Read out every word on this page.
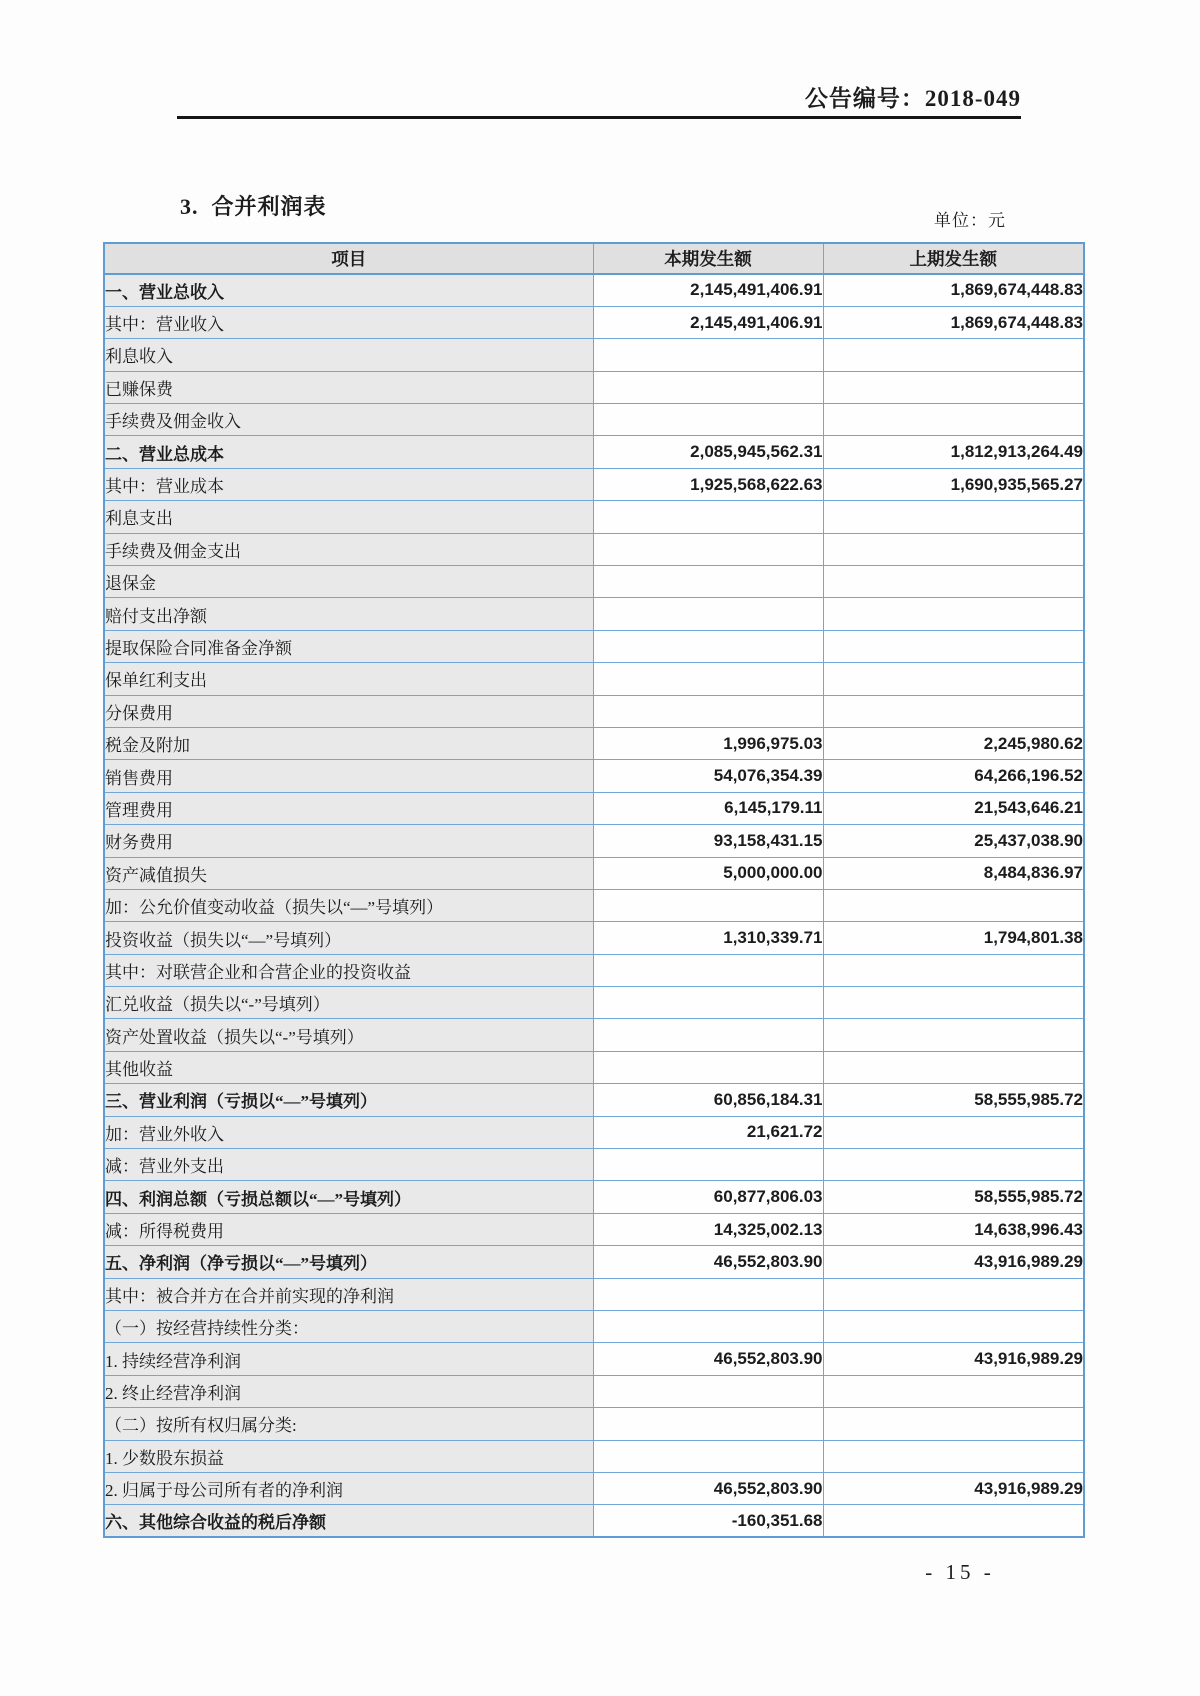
公告编号：2018-049
3.  合并利润表
单位：元
项目	本期发生额	上期发生额
一、营业总收入	2,145,491,406.91	1,869,674,448.83
其中：营业收入	2,145,491,406.91	1,869,674,448.83
利息收入		
已赚保费		
手续费及佣金收入		
二、营业总成本	2,085,945,562.31	1,812,913,264.49
其中：营业成本	1,925,568,622.63	1,690,935,565.27
利息支出		
手续费及佣金支出		
退保金		
赔付支出净额		
提取保险合同准备金净额		
保单红利支出		
分保费用		
税金及附加	1,996,975.03	2,245,980.62
销售费用	54,076,354.39	64,266,196.52
管理费用	6,145,179.11	21,543,646.21
财务费用	93,158,431.15	25,437,038.90
资产减值损失	5,000,000.00	8,484,836.97
加：公允价值变动收益（损失以“—”号填列）		
投资收益（损失以“—”号填列）	1,310,339.71	1,794,801.38
其中：对联营企业和合营企业的投资收益		
汇兑收益（损失以“-”号填列）		
资产处置收益（损失以“-”号填列）		
其他收益		
三、营业利润（亏损以“—”号填列）	60,856,184.31	58,555,985.72
加：营业外收入	21,621.72	
减：营业外支出		
四、利润总额（亏损总额以“—”号填列）	60,877,806.03	58,555,985.72
减：所得税费用	14,325,002.13	14,638,996.43
五、净利润（净亏损以“—”号填列）	46,552,803.90	43,916,989.29
其中：被合并方在合并前实现的净利润		
（一）按经营持续性分类：		
1. 持续经营净利润	46,552,803.90	43,916,989.29
2. 终止经营净利润		
（二）按所有权归属分类:		
1. 少数股东损益		
2. 归属于母公司所有者的净利润	46,552,803.90	43,916,989.29
六、其他综合收益的税后净额	-160,351.68	
- 15 -
